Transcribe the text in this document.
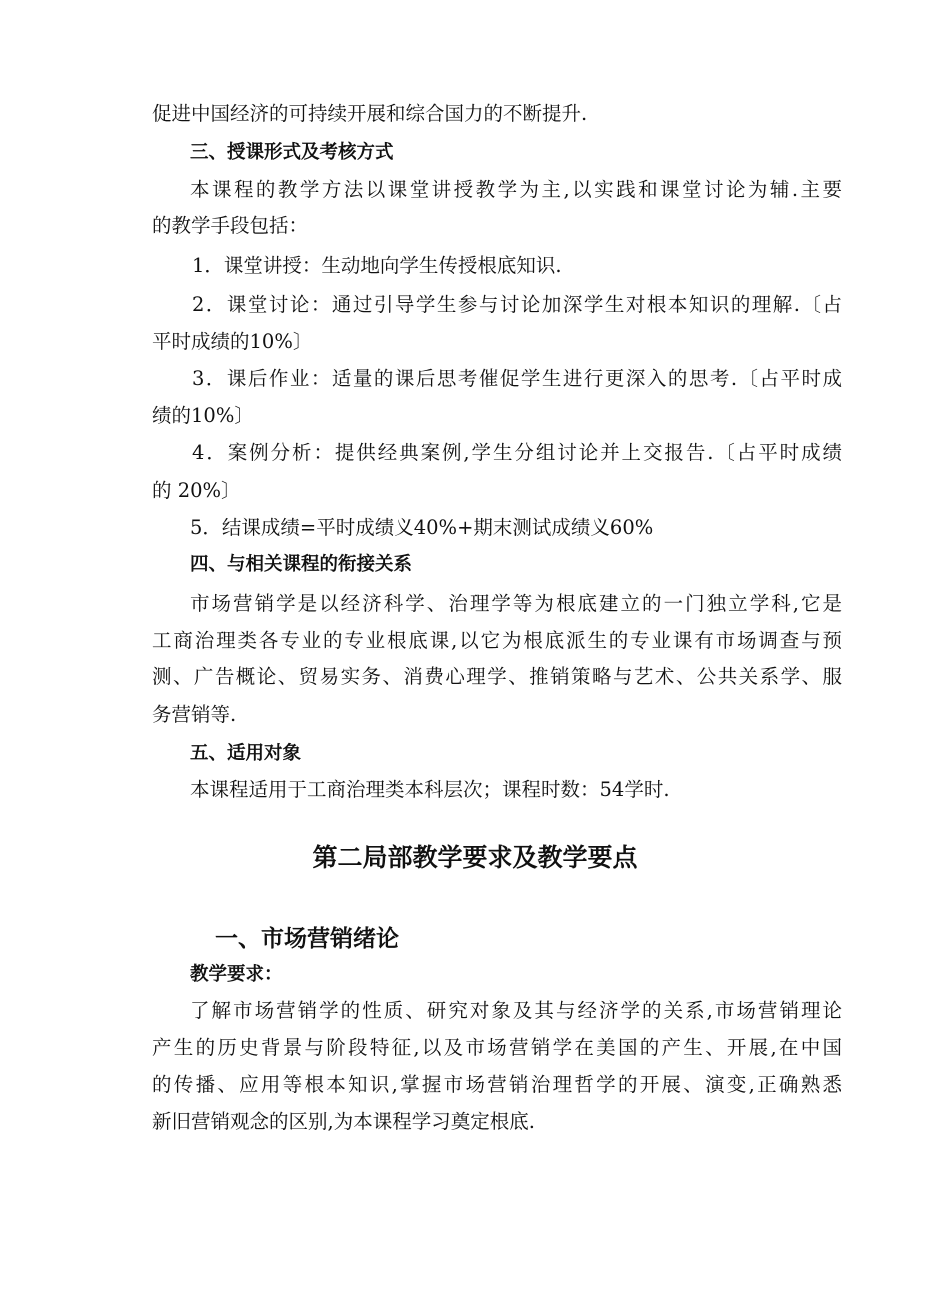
促进中国经济的可持续开展和综合国力的不断提升.
三、授课形式及考核方式
本课程的教学方法以课堂讲授教学为主,以实践和课堂讨论为辅.主要
的教学手段包括：
1．课堂讲授：生动地向学生传授根底知识.
2．课堂讨论：通过引导学生参与讨论加深学生对根本知识的理解.〔占
平时成绩的10%〕
3．课后作业：适量的课后思考催促学生进行更深入的思考.〔占平时成
绩的10%〕
4．案例分析：提供经典案例,学生分组讨论并上交报告.〔占平时成绩
的 20%〕
5．结课成绩=平时成绩义40%+期末测试成绩义60%
四、与相关课程的衔接关系
市场营销学是以经济科学、治理学等为根底建立的一门独立学科,它是
工商治理类各专业的专业根底课,以它为根底派生的专业课有市场调查与预
测、广告概论、贸易实务、消费心理学、推销策略与艺术、公共关系学、服
务营销等.
五、适用对象
本课程适用于工商治理类本科层次；课程时数：54学时.
第二局部教学要求及教学要点
一、市场营销绪论
教学要求：
了解市场营销学的性质、研究对象及其与经济学的关系,市场营销理论
产生的历史背景与阶段特征,以及市场营销学在美国的产生、开展,在中国
的传播、应用等根本知识,掌握市场营销治理哲学的开展、演变,正确熟悉
新旧营销观念的区别,为本课程学习奠定根底.
